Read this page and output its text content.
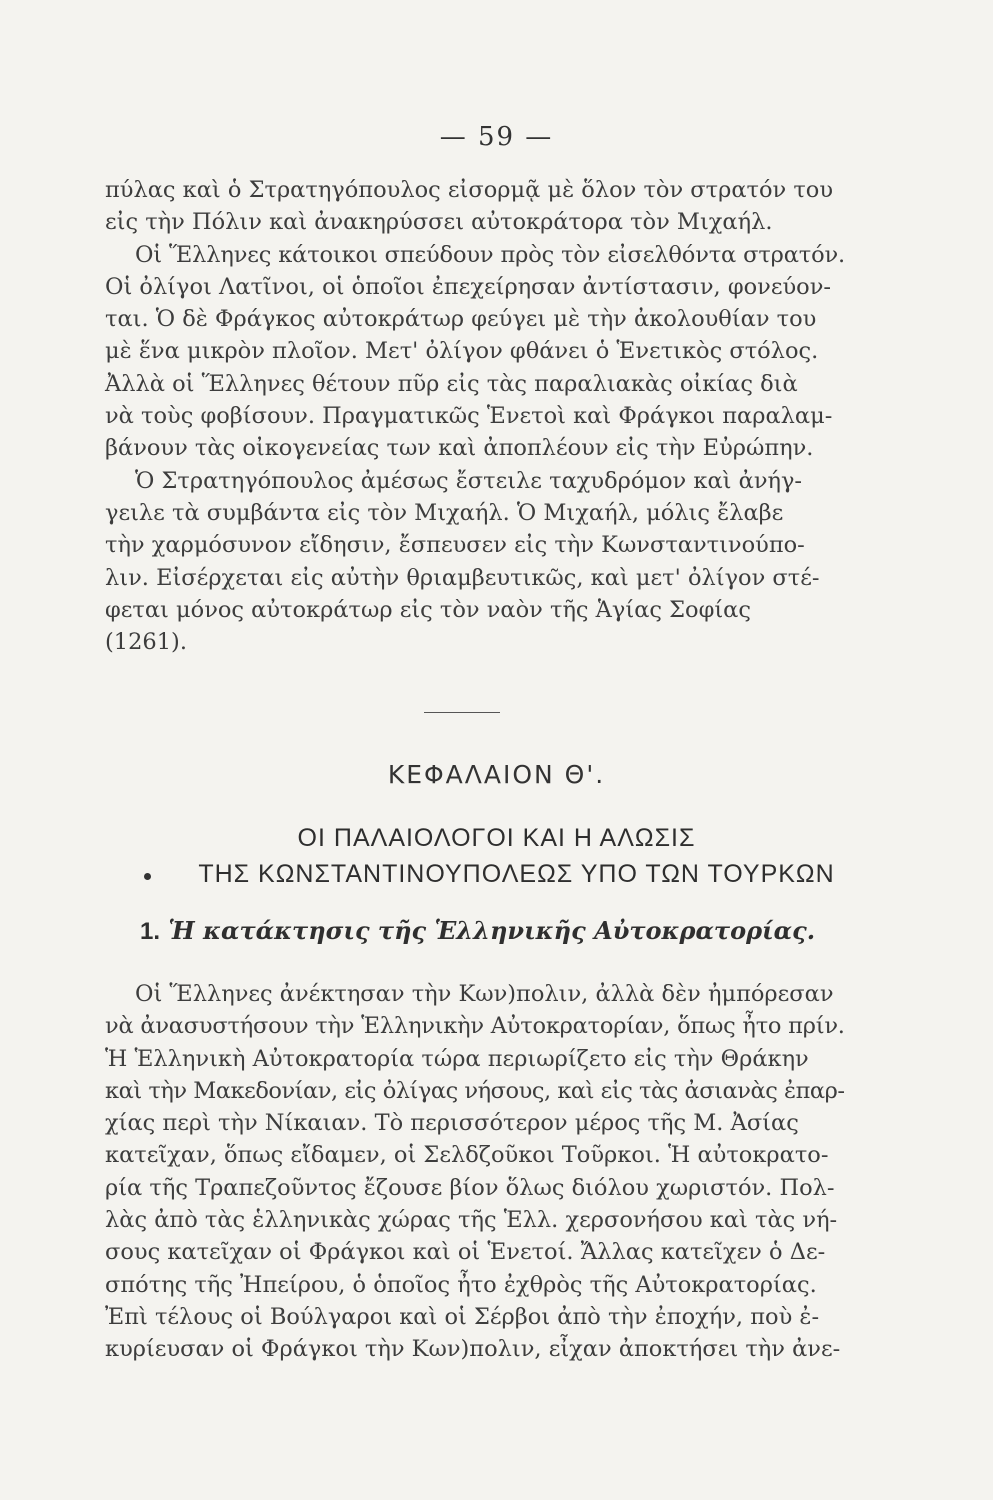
— 59 —
πύλας καὶ ὁ Στρατηγόπουλος εἰσορμᾷ μὲ ὅλον τὸν στρατόν του
εἰς τὴν Πόλιν καὶ ἀνακηρύσσει αὐτοκράτορα τὸν Μιχαήλ.
Οἱ Ἕλληνες κάτοικοι σπεύδουν πρὸς τὸν εἰσελθόντα στρατόν.
Οἱ ὀλίγοι Λατῖνοι, οἱ ὁποῖοι ἐπεχείρησαν ἀντίστασιν, φονεύον-
ται. Ὁ δὲ Φράγκος αὐτοκράτωρ φεύγει μὲ τὴν ἀκολουθίαν του
μὲ ἕνα μικρὸν πλοῖον. Μετ' ὀλίγον φθάνει ὁ Ἑνετικὸς στόλος.
Ἀλλὰ οἱ Ἕλληνες θέτουν πῦρ εἰς τὰς παραλιακὰς οἰκίας διὰ
νὰ τοὺς φοβίσουν. Πραγματικῶς Ἑνετοὶ καὶ Φράγκοι παραλαμ-
βάνουν τὰς οἰκογενείας των καὶ ἀποπλέουν εἰς τὴν Εὐρώπην.
Ὁ Στρατηγόπουλος ἀμέσως ἔστειλε ταχυδρόμον καὶ ἀνήγ-
γειλε τὰ συμβάντα εἰς τὸν Μιχαήλ. Ὁ Μιχαήλ, μόλις ἔλαβε
τὴν χαρμόσυνον εἴδησιν, ἔσπευσεν εἰς τὴν Κωνσταντινούπο-
λιν. Εἰσέρχεται εἰς αὐτὴν θριαμβευτικῶς, καὶ μετ' ὀλίγον στέ-
φεται μόνος αὐτοκράτωρ εἰς τὸν ναὸν τῆς Ἁγίας Σοφίας
(1261).
ΚΕΦΑΛΑΙΟΝ Θ'.
ΟΙ ΠΑΛΑΙΟΛΟΓΟΙ ΚΑΙ Η ΑΛΩΣΙΣ
ΤΗΣ ΚΩΝΣΤΑΝΤΙΝΟΥΠΟΛΕΩΣ ΥΠΟ ΤΩΝ ΤΟΥΡΚΩΝ
1. Ἡ κατάκτησις τῆς Ἑλληνικῆς Αὐτοκρατορίας.
Οἱ Ἕλληνες ἀνέκτησαν τὴν Κων)πολιν, ἀλλὰ δὲν ἠμπόρεσαν
νὰ ἀνασυστήσουν τὴν Ἑλληνικὴν Αὐτοκρατορίαν, ὅπως ἦτο πρίν.
Ἡ Ἑλληνικὴ Αὐτοκρατορία τώρα περιωρίζετο εἰς τὴν Θράκην
καὶ τὴν Μακεδονίαν, εἰς ὀλίγας νήσους, καὶ εἰς τὰς ἀσιανὰς ἐπαρ-
χίας περὶ τὴν Νίκαιαν. Τὸ περισσότερον μέρος τῆς Μ. Ἀσίας
κατεῖχαν, ὅπως εἴδαμεν, οἱ Σελδζοῦκοι Τοῦρκοι. Ἡ αὐτοκρατο-
ρία τῆς Τραπεζοῦντος ἔζουσε βίον ὅλως διόλου χωριστόν. Πολ-
λὰς ἀπὸ τὰς ἑλληνικὰς χώρας τῆς Ἑλλ. χερσονήσου καὶ τὰς νή-
σους κατεῖχαν οἱ Φράγκοι καὶ οἱ Ἑνετοί. Ἄλλας κατεῖχεν ὁ Δε-
σπότης τῆς Ἠπείρου, ὁ ὁποῖος ἦτο ἐχθρὸς τῆς Αὐτοκρατορίας.
Ἐπὶ τέλους οἱ Βούλγαροι καὶ οἱ Σέρβοι ἀπὸ τὴν ἐποχήν, ποὺ ἐ-
κυρίευσαν οἱ Φράγκοι τὴν Κων)πολιν, εἶχαν ἀποκτήσει τὴν ἀνε-
